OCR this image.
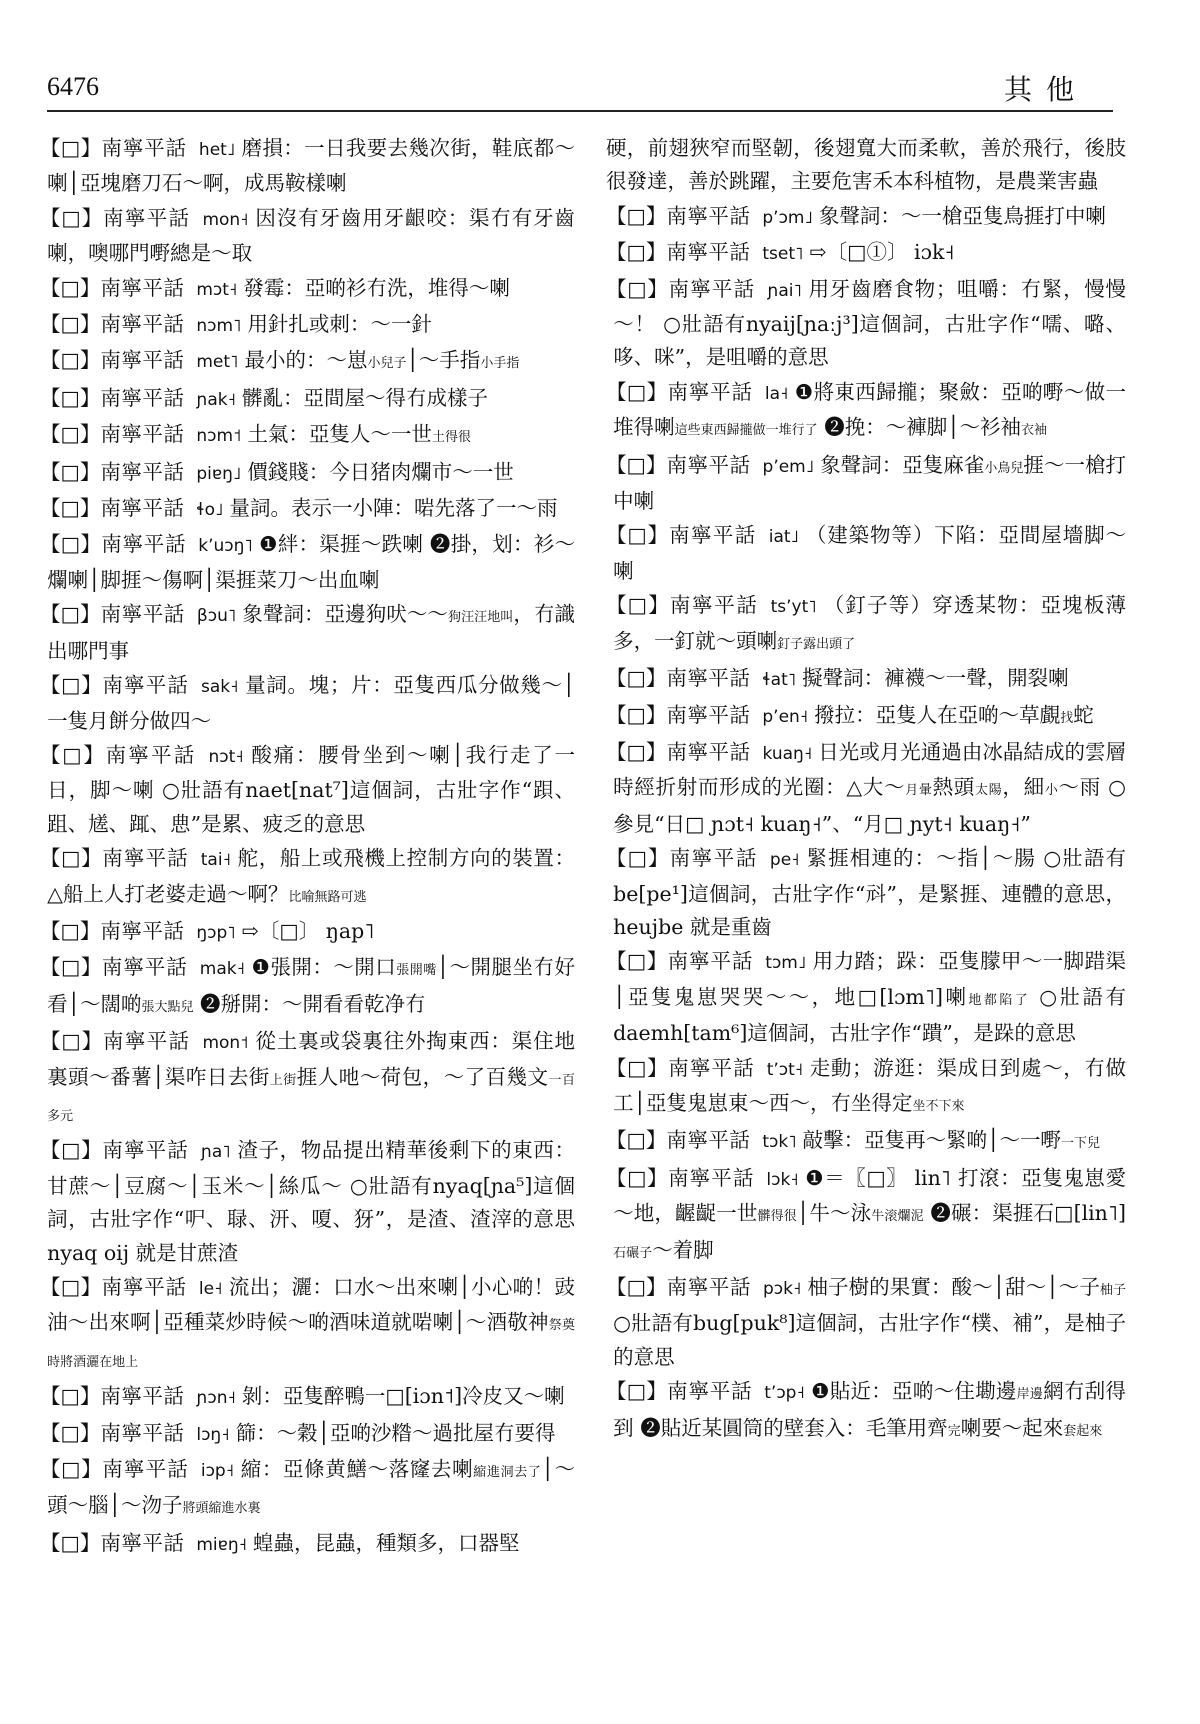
6476	其他
【□】南寧平話 het˩ 磨損：一日我要去幾次街，鞋底都～喇│亞塊磨刀石～啊，成馬鞍樣喇
【□】南寧平話 mon˧ 因沒有牙齒用牙齦咬：渠冇有牙齒喇，噢哪門嘢總是～取
【□】南寧平話 mɔt˧ 發霉：亞啲衫冇洗，堆得～喇
【□】南寧平話 nɔm˥ 用針扎或刺：～一針
【□】南寧平話 met˥ 最小的：～崽小兒子│～手指小手指
【□】南寧平話 ɲak˧ 髒亂：亞間屋～得冇成樣子
【□】南寧平話 nɔm˦ 土氣：亞隻人～一世土得很
【□】南寧平話 piɐŋ˩ 價錢賤：今日猪肉爛市～一世
【□】南寧平話 ɬo˩ 量詞。表示一小陣：啱先落了一～雨
【□】南寧平話 kʼuɔŋ˥ ❶絆：渠捱～跌喇 ❷掛，划：衫～爛喇│脚捱～傷啊│渠捱菜刀～出血喇
【□】南寧平話 βɔu˥ 象聲詞：亞邊狗吠～～狗汪汪地叫，冇識出哪門事
【□】南寧平話 sak˧ 量詞。塊；片：亞隻西瓜分做幾～│一隻月餅分做四～
【□】南寧平話 nɔt˧ 酸痛：腰骨坐到～喇│我行走了一日，脚～喇 ○壯語有naet[nat⁷]這個詞，古壯字作“䟺、跙、㞉、踂、㤟”是累、疲乏的意思
【□】南寧平話 tai˧ 舵，船上或飛機上控制方向的裝置：△船上人打老婆走過～啊？比喻無路可逃
【□】南寧平話 ŋɔp˥ ⇨〔□〕 ŋap˥
【□】南寧平話 mak˧ ❶張開：～開口張開嘴│～開腿坐冇好看│～闊啲張大點兒 ❷掰開：～開看看乾净冇
【□】南寧平話 mon˦ 從土裏或袋裏往外掏東西：渠住地裏頭～番薯│渠咋日去街上街捱人吔～荷包，～了百幾文一百多元
【□】南寧平話 ɲa˥ 渣子，物品提出精華後剩下的東西：甘蔗～│豆腐～│玉米～│絲瓜～ ○壯語有nyaq[ɲa⁵]這個詞，古壯字作“㕧、䎼、汧、嗄、犽”，是渣、渣滓的意思 nyaq oij 就是甘蔗渣
【□】南寧平話 le˧ 流出；灑：口水～出來喇│小心啲！豉油～出來啊│亞種菜炒時候～啲酒味道就啱喇│～酒敬神祭奠時將酒灑在地上
【□】南寧平話 ɲɔn˧ 剝：亞隻醉鴨一□[iɔn˦]冷皮又～喇
【□】南寧平話 lɔŋ˧ 篩：～穀│亞啲沙糌～過批屋冇要得
【□】南寧平話 iɔp˧ 縮：亞條黄鱔～落窿去喇縮進洞去了│～頭～腦│～沕子將頭縮進水裏
【□】南寧平話 miɐŋ˧ 蝗蟲，昆蟲，種類多，口器堅
硬，前翅狹窄而堅韌，後翅寬大而柔軟，善於飛行，後肢很發達，善於跳躍，主要危害禾本科植物，是農業害蟲
【□】南寧平話 pʼɔm˩ 象聲詞：～一槍亞隻鳥捱打中喇
【□】南寧平話 tset˥ ⇨〔□①〕 iɔk˧
【□】南寧平話 ɲai˥ 用牙齒磨食物；咀嚼：冇緊，慢慢～！ ○壯語有nyaij[ɲaːj³]這個詞，古壯字作“嚅、𡀔、哆、咪”，是咀嚼的意思
【□】南寧平話 la˧ ❶將東西歸攏；聚斂：亞啲嘢～做一堆得喇這些東西歸攏做一堆行了 ❷挽：～褲脚│～衫袖衣袖
【□】南寧平話 pʼem˩ 象聲詞：亞隻麻雀小鳥兒捱～一槍打中喇
【□】南寧平話 iat˩ （建築物等）下陷：亞間屋墻脚～喇
【□】南寧平話 tsʼyt˥ （釘子等）穿透某物：亞塊板薄多，一釘就～頭喇釘子露出頭了
【□】南寧平話 ɬat˥ 擬聲詞：褲襪～一聲，開裂喇
【□】南寧平話 pʼen˧ 撥拉：亞隻人在亞啲～草覰找蛇
【□】南寧平話 kuaŋ˧ 日光或月光通過由冰晶結成的雲層時經折射而形成的光圈：△大～月暈熱頭太陽，細小～雨 ○參見“日□ ɲɔt˧ kuaŋ˧”、“月□ ɲyt˧ kuaŋ˧”
【□】南寧平話 pe˧ 緊捱相連的：～指│～腸 ○壯語有be[pe¹]這個詞，古壯字作“㪴”，是緊捱、連體的意思，heujbe 就是重齒
【□】南寧平話 tɔm˩ 用力踏；跺：亞隻朦甲～一脚踖渠│亞隻鬼崽哭哭～～，地□[lɔm˥]喇地都陷了 ○壯語有daemh[tam⁶]這個詞，古壯字作“蹪”，是跺的意思
【□】南寧平話 tʼɔt˧ 走動；游逛：渠成日到處～，冇做工│亞隻鬼崽東～西～，冇坐得定坐不下來
【□】南寧平話 tɔk˥ 敲擊：亞隻再～緊啲│～一嘢一下兒
【□】南寧平話 lɔk˧ ❶＝〖□〗 lin˥ 打滾：亞隻鬼崽愛～地，齷齪一世髒得很│牛～泳牛滚爛泥 ❷碾：渠捱石□[lin˥]石碾子～着脚
【□】南寧平話 pɔk˧ 柚子樹的果實：酸～│甜～│～子柚子 ○壯語有bug[puk⁸]這個詞，古壯字作“樸、補”，是柚子的意思
【□】南寧平話 tʼɔp˧ ❶貼近：亞啲～住墈邊岸邊網冇刮得到 ❷貼近某圓筒的壁套入：毛筆用齊完喇要～起來套起來
